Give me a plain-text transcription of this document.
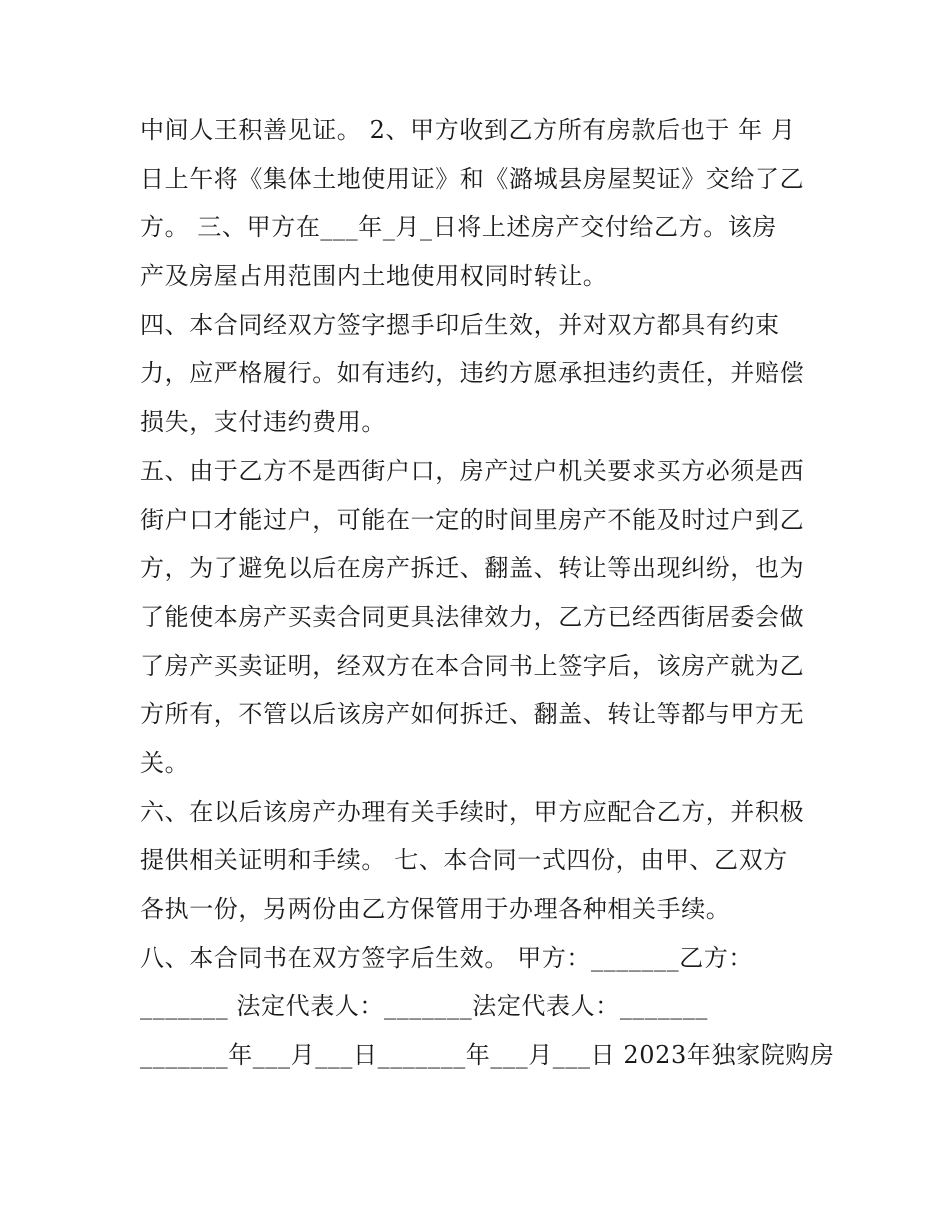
中间人王积善见证。 2、甲方收到乙方所有房款后也于 年 月
日上午将《集体土地使用证》和《潞城县房屋契证》交给了乙
方。 三、甲方在___年_月_日将上述房产交付给乙方。该房
产及房屋占用范围内土地使用权同时转让。
四、本合同经双方签字摁手印后生效，并对双方都具有约束
力，应严格履行。如有违约，违约方愿承担违约责任，并赔偿
损失，支付违约费用。
五、由于乙方不是西街户口，房产过户机关要求买方必须是西
街户口才能过户，可能在一定的时间里房产不能及时过户到乙
方，为了避免以后在房产拆迁、翻盖、转让等出现纠纷，也为
了能使本房产买卖合同更具法律效力，乙方已经西街居委会做
了房产买卖证明，经双方在本合同书上签字后，该房产就为乙
方所有，不管以后该房产如何拆迁、翻盖、转让等都与甲方无
关。
六、在以后该房产办理有关手续时，甲方应配合乙方，并积极
提供相关证明和手续。 七、本合同一式四份，由甲、乙双方
各执一份，另两份由乙方保管用于办理各种相关手续。
八、本合同书在双方签字后生效。 甲方：_______乙方：
_______ 法定代表人：_______法定代表人：_______
_______年___月___日_______年___月___日 2023年独家院购房
